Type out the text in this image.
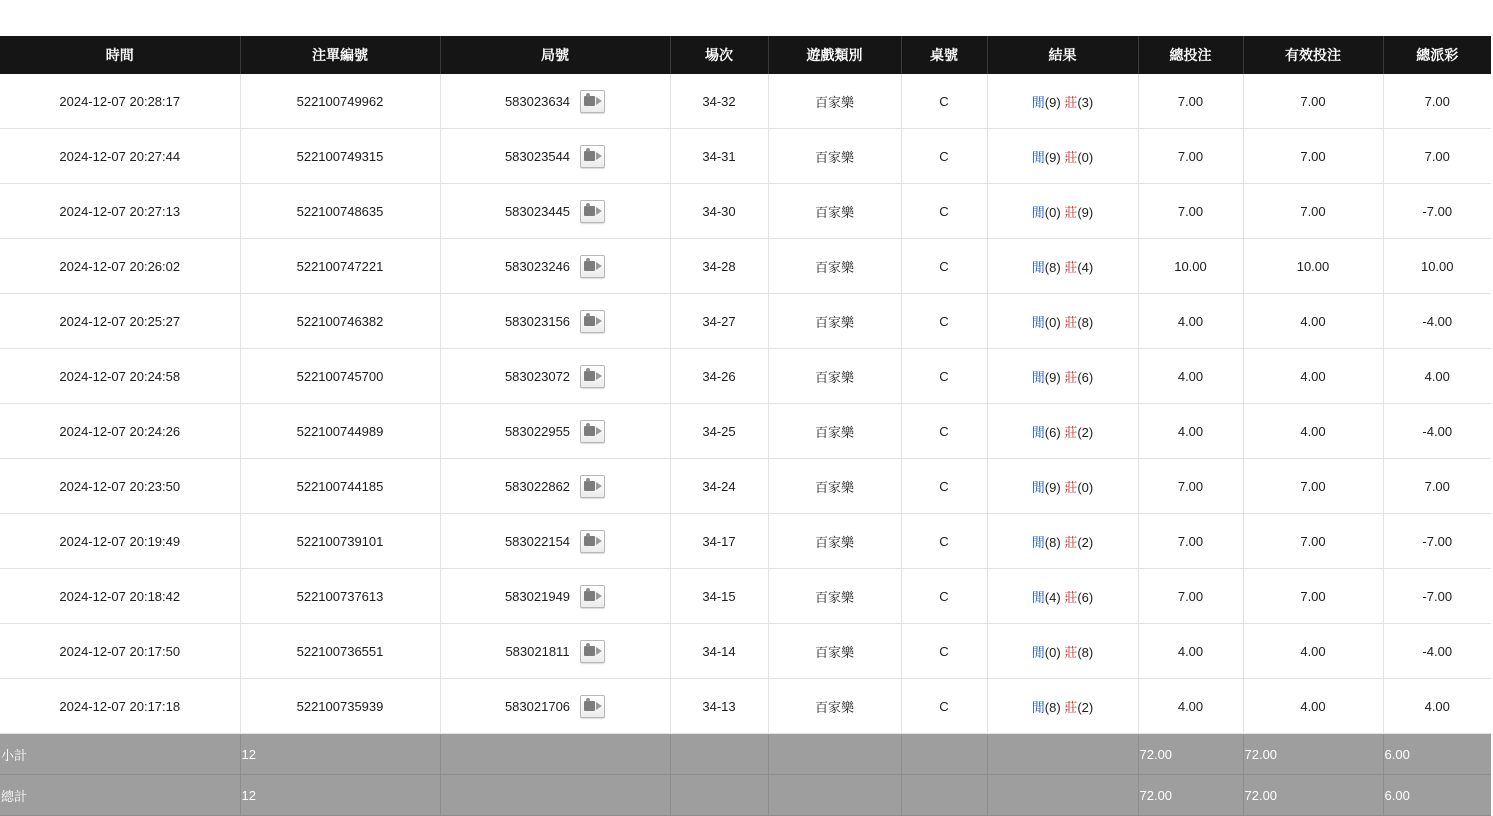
時間	注單編號	局號	場次	遊戲類別	桌號	結果	總投注	有效投注	總派彩
2024-12-07 20:28:17	522100749962	583023634	34-32	百家樂	C	閒(9) 莊(3)	7.00	7.00	7.00
2024-12-07 20:27:44	522100749315	583023544	34-31	百家樂	C	閒(9) 莊(0)	7.00	7.00	7.00
2024-12-07 20:27:13	522100748635	583023445	34-30	百家樂	C	閒(0) 莊(9)	7.00	7.00	-7.00
2024-12-07 20:26:02	522100747221	583023246	34-28	百家樂	C	閒(8) 莊(4)	10.00	10.00	10.00
2024-12-07 20:25:27	522100746382	583023156	34-27	百家樂	C	閒(0) 莊(8)	4.00	4.00	-4.00
2024-12-07 20:24:58	522100745700	583023072	34-26	百家樂	C	閒(9) 莊(6)	4.00	4.00	4.00
2024-12-07 20:24:26	522100744989	583022955	34-25	百家樂	C	閒(6) 莊(2)	4.00	4.00	-4.00
2024-12-07 20:23:50	522100744185	583022862	34-24	百家樂	C	閒(9) 莊(0)	7.00	7.00	7.00
2024-12-07 20:19:49	522100739101	583022154	34-17	百家樂	C	閒(8) 莊(2)	7.00	7.00	-7.00
2024-12-07 20:18:42	522100737613	583021949	34-15	百家樂	C	閒(4) 莊(6)	7.00	7.00	-7.00
2024-12-07 20:17:50	522100736551	583021811	34-14	百家樂	C	閒(0) 莊(8)	4.00	4.00	-4.00
2024-12-07 20:17:18	522100735939	583021706	34-13	百家樂	C	閒(8) 莊(2)	4.00	4.00	4.00
小計	12						72.00	72.00	6.00
總計	12						72.00	72.00	6.00
